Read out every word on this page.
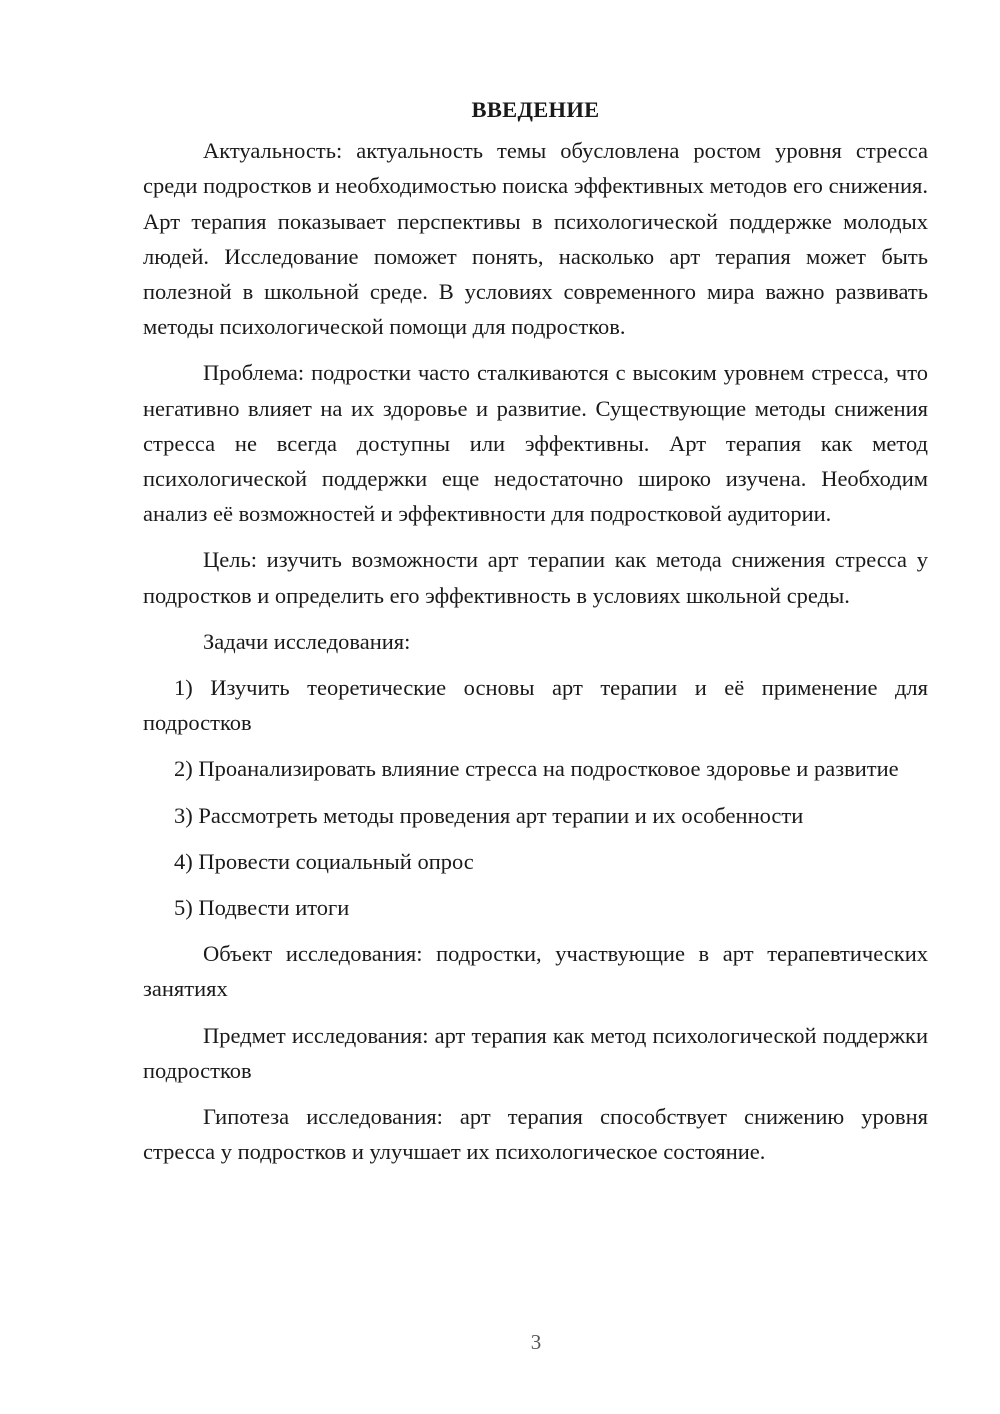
ВВЕДЕНИЕ

Актуальность: актуальность темы обусловлена ростом уровня стресса среди подростков и необходимостью поиска эффективных методов его снижения. Арт терапия показывает перспективы в психологической поддержке молодых людей. Исследование поможет понять, насколько арт терапия может быть полезной в школьной среде. В условиях современного мира важно развивать методы психологической помощи для подростков.

Проблема: подростки часто сталкиваются с высоким уровнем стресса, что негативно влияет на их здоровье и развитие. Существующие методы снижения стресса не всегда доступны или эффективны. Арт терапия как метод психологической поддержки еще недостаточно широко изучена. Необходим анализ её возможностей и эффективности для подростковой аудитории.

Цель: изучить возможности арт терапии как метода снижения стресса у подростков и определить его эффективность в условиях школьной среды.

Задачи исследования:

1) Изучить теоретические основы арт терапии и её применение для подростков

2) Проанализировать влияние стресса на подростковое здоровье и развитие

3) Рассмотреть методы проведения арт терапии и их особенности

4) Провести социальный опрос

5) Подвести итоги

Объект исследования: подростки, участвующие в арт терапевтических занятиях

Предмет исследования: арт терапия как метод психологической поддержки подростков

Гипотеза исследования: арт терапия способствует снижению уровня стресса у подростков и улучшает их психологическое состояние.

3
